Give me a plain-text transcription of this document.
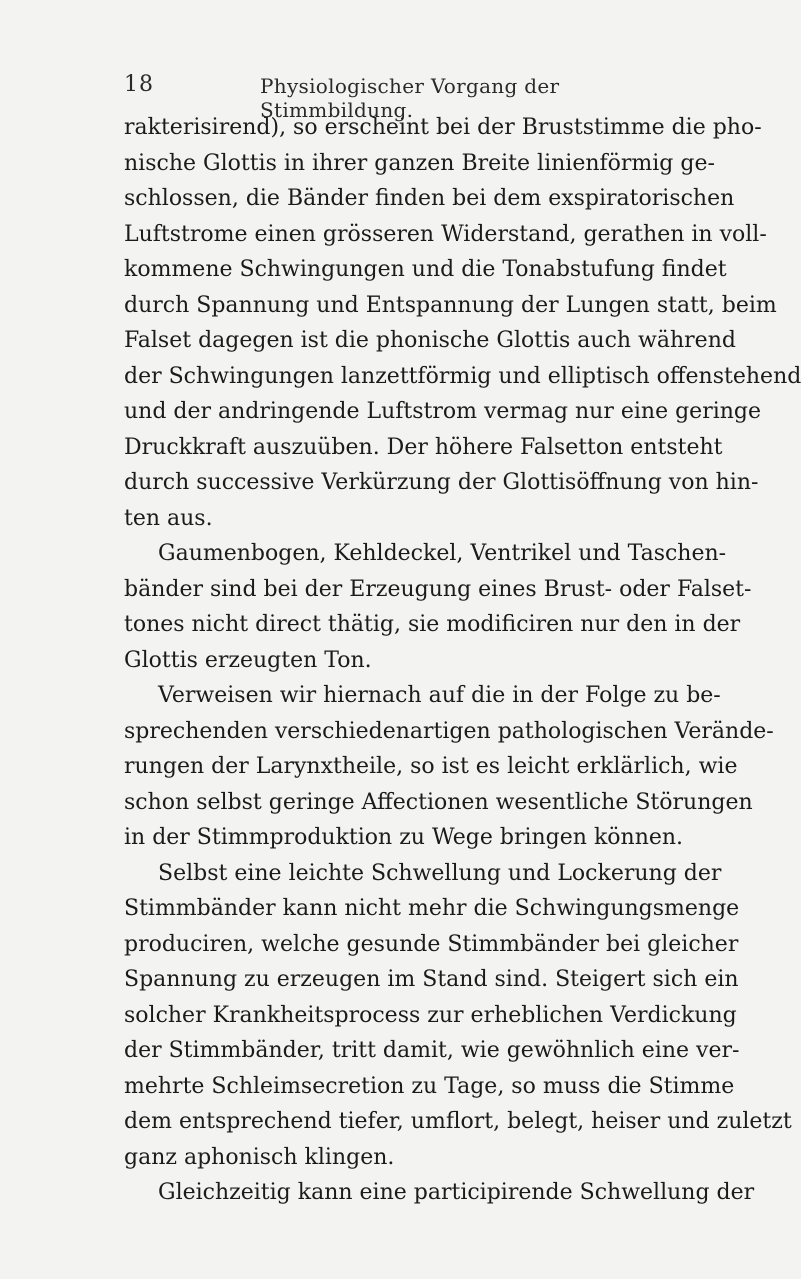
18	Physiologischer Vorgang der Stimmbildung.
rakterisirend), so erscheint bei der Bruststimme die pho-
nische Glottis in ihrer ganzen Breite linienförmig ge-
schlossen, die Bänder finden bei dem exspiratorischen
Luftstrome einen grösseren Widerstand, gerathen in voll-
kommene Schwingungen und die Tonabstufung findet
durch Spannung und Entspannung der Lungen statt, beim
Falset dagegen ist die phonische Glottis auch während
der Schwingungen lanzettförmig und elliptisch offenstehend
und der andringende Luftstrom vermag nur eine geringe
Druckkraft auszuüben. Der höhere Falsetton entsteht
durch successive Verkürzung der Glottisöffnung von hin-
ten aus.
Gaumenbogen, Kehldeckel, Ventrikel und Taschen-
bänder sind bei der Erzeugung eines Brust- oder Falset-
tones nicht direct thätig, sie modificiren nur den in der
Glottis erzeugten Ton.
Verweisen wir hiernach auf die in der Folge zu be-
sprechenden verschiedenartigen pathologischen Verände-
rungen der Larynxtheile, so ist es leicht erklärlich, wie
schon selbst geringe Affectionen wesentliche Störungen
in der Stimmproduktion zu Wege bringen können.
Selbst eine leichte Schwellung und Lockerung der
Stimmbänder kann nicht mehr die Schwingungsmenge
produciren, welche gesunde Stimmbänder bei gleicher
Spannung zu erzeugen im Stand sind. Steigert sich ein
solcher Krankheitsprocess zur erheblichen Verdickung
der Stimmbänder, tritt damit, wie gewöhnlich eine ver-
mehrte Schleimsecretion zu Tage, so muss die Stimme
dem entsprechend tiefer, umflort, belegt, heiser und zuletzt
ganz aphonisch klingen.
Gleichzeitig kann eine participirende Schwellung der
